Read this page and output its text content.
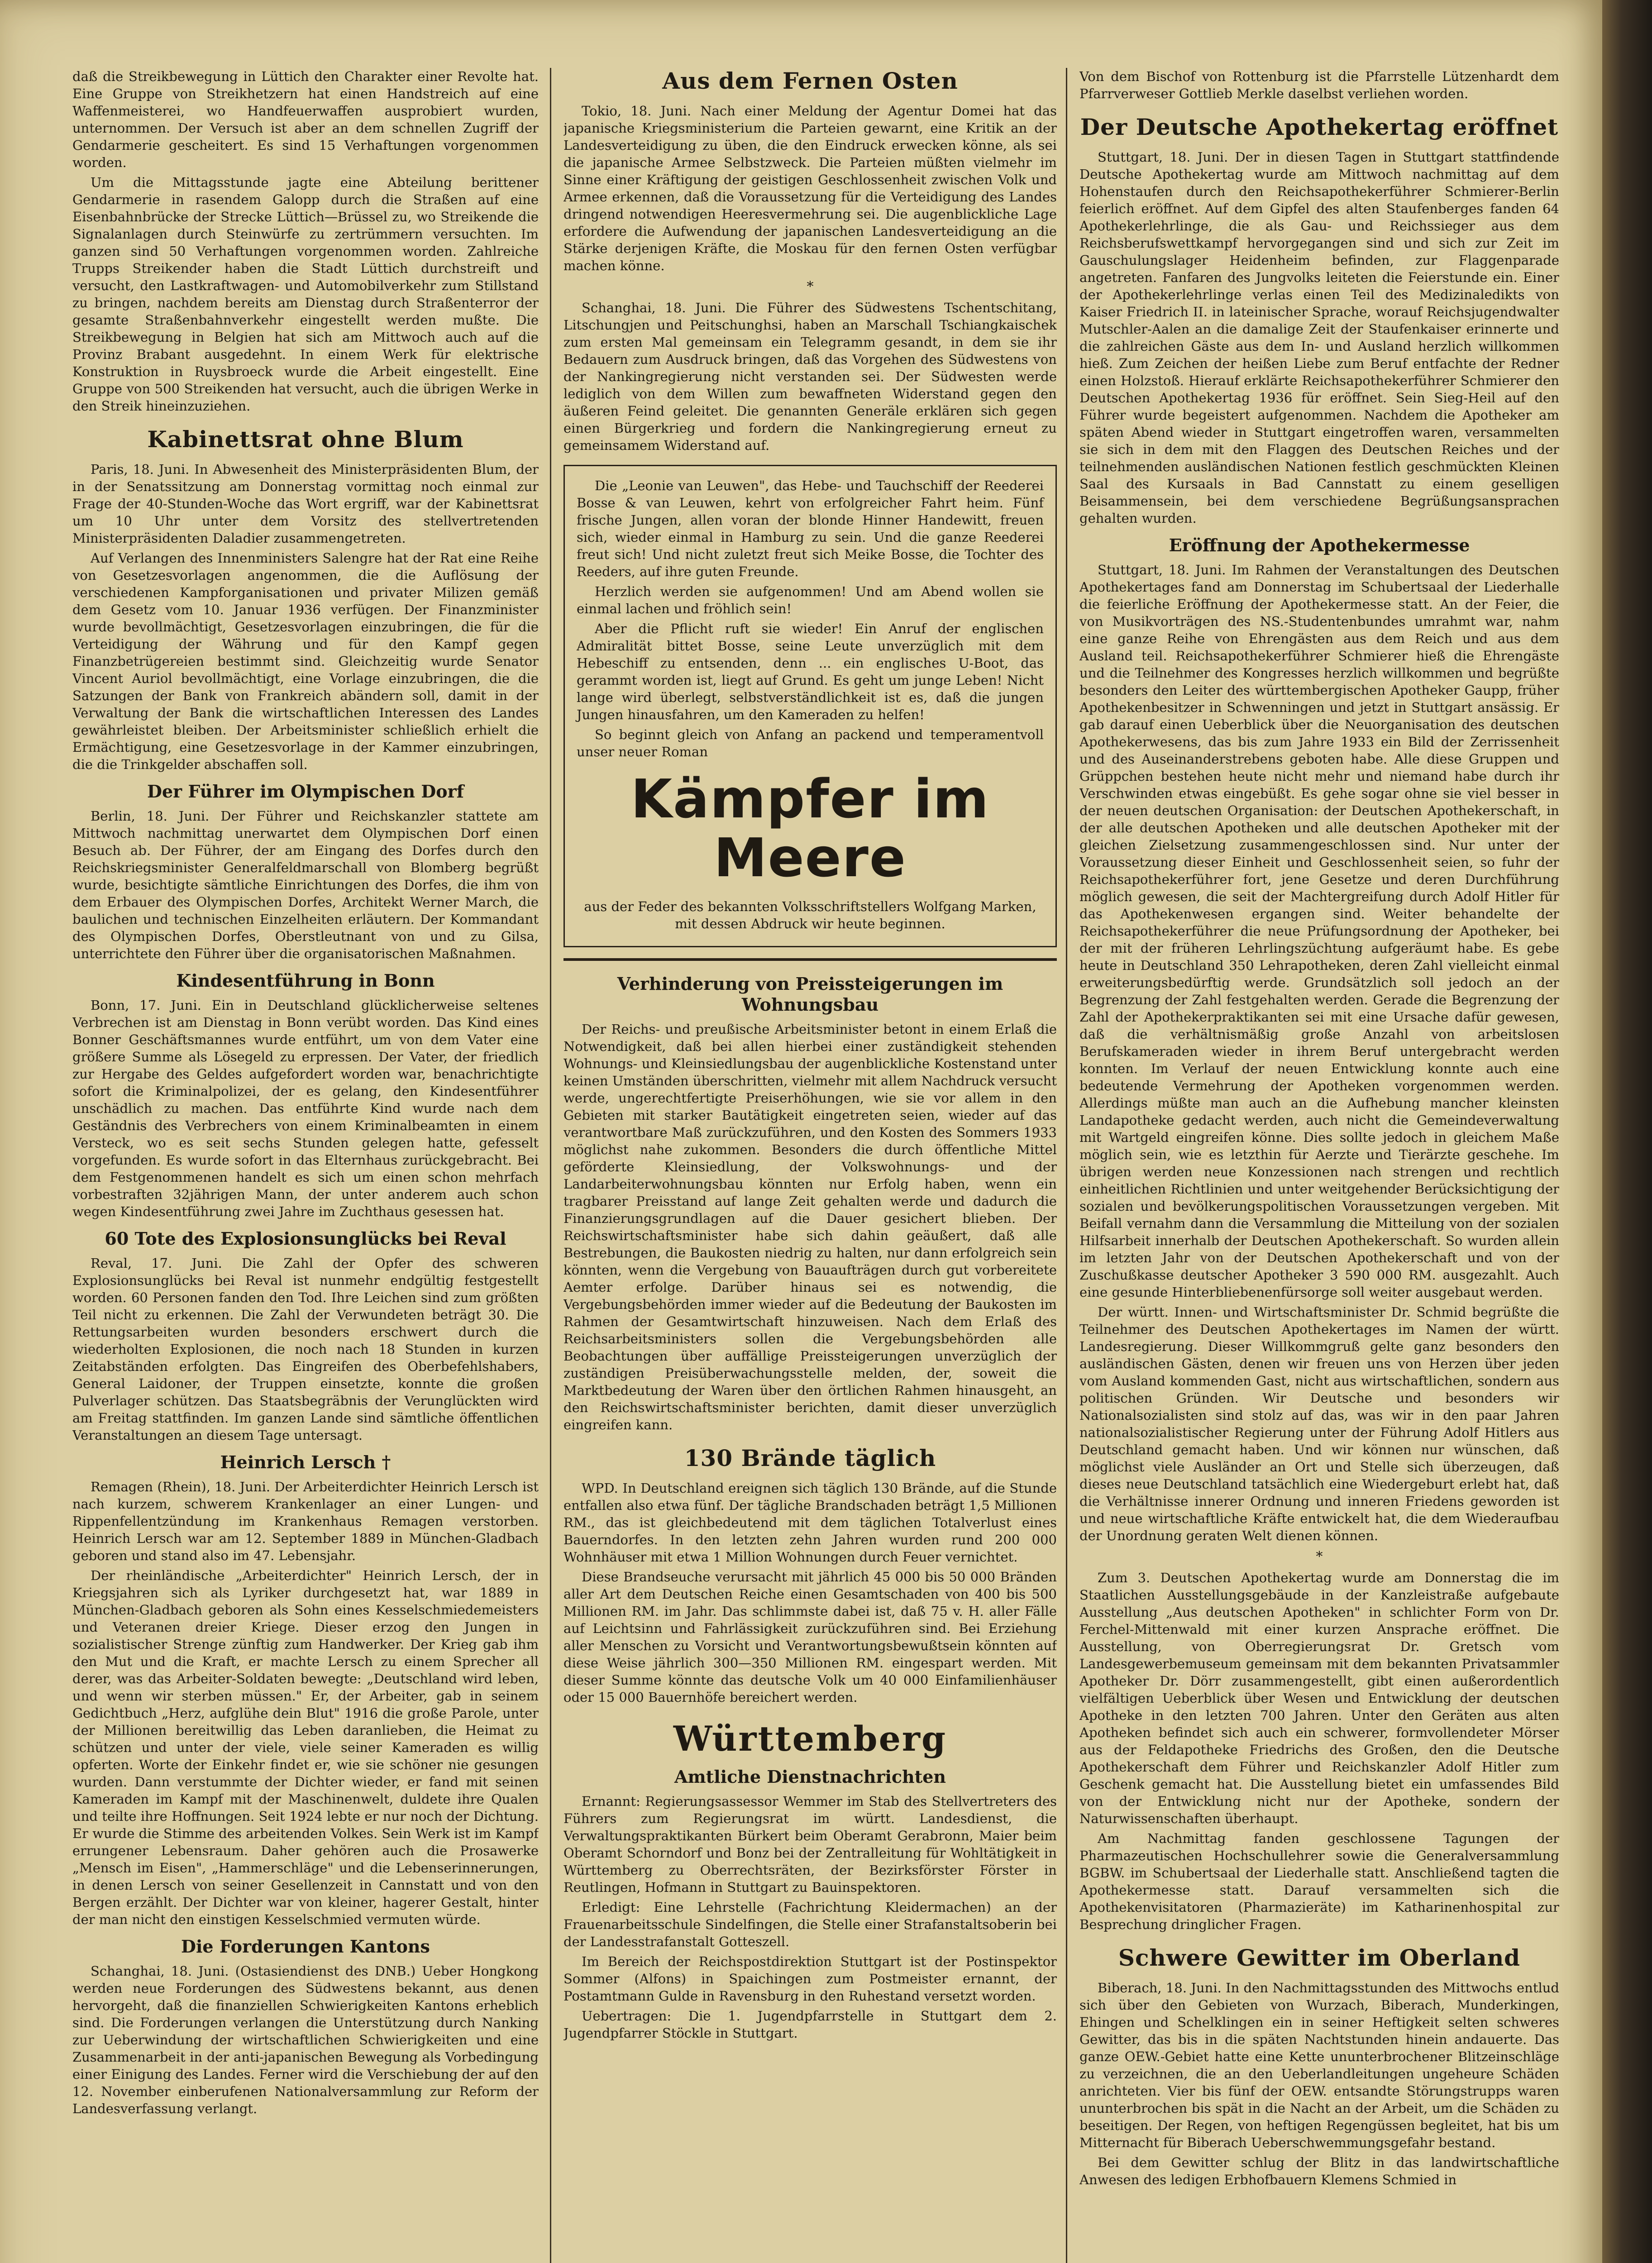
daß die Streikbewegung in Lüttich den Charakter einer Revolte hat. Eine Gruppe von Streikhetzern hat einen Handstreich auf eine Waffenmeisterei, wo Handfeuerwaffen ausprobiert wurden, unternommen. Der Versuch ist aber an dem schnellen Zugriff der Gendarmerie gescheitert. Es sind 15 Verhaftungen vorgenommen worden.

Um die Mittagsstunde jagte eine Abteilung berittener Gendarmerie in rasendem Galopp durch die Straßen auf eine Eisenbahnbrücke der Strecke Lüttich—Brüssel zu, wo Streikende die Signalanlagen durch Steinwürfe zu zertrümmern versuchten. Im ganzen sind 50 Verhaftungen vorgenommen worden. Zahlreiche Trupps Streikender haben die Stadt Lüttich durchstreift und versucht, den Lastkraftwagen- und Automobilverkehr zum Stillstand zu bringen, nachdem bereits am Dienstag durch Straßenterror der gesamte Straßenbahnverkehr eingestellt werden mußte. Die Streikbewegung in Belgien hat sich am Mittwoch auch auf die Provinz Brabant ausgedehnt. In einem Werk für elektrische Konstruktion in Ruysbroeck wurde die Arbeit eingestellt. Eine Gruppe von 500 Streikenden hat versucht, auch die übrigen Werke in den Streik hineinzuziehen.

Kabinettsrat ohne Blum

Paris, 18. Juni. In Abwesenheit des Ministerpräsidenten Blum, der in der Senatssitzung am Donnerstag vormittag noch einmal zur Frage der 40-Stunden-Woche das Wort ergriff, war der Kabinettsrat um 10 Uhr unter dem Vorsitz des stellvertretenden Ministerpräsidenten Daladier zusammengetreten.

Auf Verlangen des Innenministers Salengre hat der Rat eine Reihe von Gesetzesvorlagen angenommen, die die Auflösung der verschiedenen Kampforganisationen und privater Milizen gemäß dem Gesetz vom 10. Januar 1936 verfügen. Der Finanzminister wurde bevollmächtigt, Gesetzesvorlagen einzubringen, die für die Verteidigung der Währung und für den Kampf gegen Finanzbetrügereien bestimmt sind. Gleichzeitig wurde Senator Vincent Auriol bevollmächtigt, eine Vorlage einzubringen, die die Satzungen der Bank von Frankreich abändern soll, damit in der Verwaltung der Bank die wirtschaftlichen Interessen des Landes gewährleistet bleiben. Der Arbeitsminister schließlich erhielt die Ermächtigung, eine Gesetzesvorlage in der Kammer einzubringen, die die Trinkgelder abschaffen soll.

Der Führer im Olympischen Dorf

Berlin, 18. Juni. Der Führer und Reichskanzler stattete am Mittwoch nachmittag unerwartet dem Olympischen Dorf einen Besuch ab. Der Führer, der am Eingang des Dorfes durch den Reichskriegsminister Generalfeldmarschall von Blomberg begrüßt wurde, besichtigte sämtliche Einrichtungen des Dorfes, die ihm von dem Erbauer des Olympischen Dorfes, Architekt Werner March, die baulichen und technischen Einzelheiten erläutern. Der Kommandant des Olympischen Dorfes, Oberstleutnant von und zu Gilsa, unterrichtete den Führer über die organisatorischen Maßnahmen.

Kindesentführung in Bonn

Bonn, 17. Juni. Ein in Deutschland glücklicherweise seltenes Verbrechen ist am Dienstag in Bonn verübt worden. Das Kind eines Bonner Geschäftsmannes wurde entführt, um von dem Vater eine größere Summe als Lösegeld zu erpressen. Der Vater, der friedlich zur Hergabe des Geldes aufgefordert worden war, benachrichtigte sofort die Kriminalpolizei, der es gelang, den Kindesentführer unschädlich zu machen. Das entführte Kind wurde nach dem Geständnis des Verbrechers von einem Kriminalbeamten in einem Versteck, wo es seit sechs Stunden gelegen hatte, gefesselt vorgefunden. Es wurde sofort in das Elternhaus zurückgebracht. Bei dem Festgenommenen handelt es sich um einen schon mehrfach vorbestraften 32jährigen Mann, der unter anderem auch schon wegen Kindesentführung zwei Jahre im Zuchthaus gesessen hat.

60 Tote des Explosionsunglücks bei Reval

Reval, 17. Juni. Die Zahl der Opfer des schweren Explosionsunglücks bei Reval ist nunmehr endgültig festgestellt worden. 60 Personen fanden den Tod. Ihre Leichen sind zum größten Teil nicht zu erkennen. Die Zahl der Verwundeten beträgt 30. Die Rettungsarbeiten wurden besonders erschwert durch die wiederholten Explosionen, die noch nach 18 Stunden in kurzen Zeitabständen erfolgten. Das Eingreifen des Oberbefehlshabers, General Laidoner, der Truppen einsetzte, konnte die großen Pulverlager schützen. Das Staatsbegräbnis der Verunglückten wird am Freitag stattfinden. Im ganzen Lande sind sämtliche öffentlichen Veranstaltungen an diesem Tage untersagt.

Heinrich Lersch †

Remagen (Rhein), 18. Juni. Der Arbeiterdichter Heinrich Lersch ist nach kurzem, schwerem Krankenlager an einer Lungen- und Rippenfellentzündung im Krankenhaus Remagen verstorben. Heinrich Lersch war am 12. September 1889 in München-Gladbach geboren und stand also im 47. Lebensjahr.

Der rheinländische „Arbeiterdichter" Heinrich Lersch, der in Kriegsjahren sich als Lyriker durchgesetzt hat, war 1889 in München-Gladbach geboren als Sohn eines Kesselschmiedemeisters und Veteranen dreier Kriege. Dieser erzog den Jungen in sozialistischer Strenge zünftig zum Handwerker. Der Krieg gab ihm den Mut und die Kraft, er machte Lersch zu einem Sprecher all derer, was das Arbeiter-Soldaten bewegte: „Deutschland wird leben, und wenn wir sterben müssen." Er, der Arbeiter, gab in seinem Gedichtbuch „Herz, aufglühe dein Blut" 1916 die große Parole, unter der Millionen bereitwillig das Leben daranlieben, die Heimat zu schützen und unter der viele, viele seiner Kameraden es willig opferten. Worte der Einkehr findet er, wie sie schöner nie gesungen wurden. Dann verstummte der Dichter wieder, er fand mit seinen Kameraden im Kampf mit der Maschinenwelt, duldete ihre Qualen und teilte ihre Hoffnungen. Seit 1924 lebte er nur noch der Dichtung. Er wurde die Stimme des arbeitenden Volkes. Sein Werk ist im Kampf errungener Lebensraum. Daher gehören auch die Prosawerke „Mensch im Eisen", „Hammerschläge" und die Lebenserinnerungen, in denen Lersch von seiner Gesellenzeit in Cannstatt und von den Bergen erzählt. Der Dichter war von kleiner, hagerer Gestalt, hinter der man nicht den einstigen Kesselschmied vermuten würde.

Die Forderungen Kantons

Schanghai, 18. Juni. (Ostasiendienst des DNB.) Ueber Hongkong werden neue Forderungen des Südwestens bekannt, aus denen hervorgeht, daß die finanziellen Schwierigkeiten Kantons erheblich sind. Die Forderungen verlangen die Unterstützung durch Nanking zur Ueberwindung der wirtschaftlichen Schwierigkeiten und eine Zusammenarbeit in der anti-japanischen Bewegung als Vorbedingung einer Einigung des Landes. Ferner wird die Verschiebung der auf den 12. November einberufenen Nationalversammlung zur Reform der Landesverfassung verlangt.

Aus dem Fernen Osten

Tokio, 18. Juni. Nach einer Meldung der Agentur Domei hat das japanische Kriegsministerium die Parteien gewarnt, eine Kritik an der Landesverteidigung zu üben, die den Eindruck erwecken könne, als sei die japanische Armee Selbstzweck. Die Parteien müßten vielmehr im Sinne einer Kräftigung der geistigen Geschlossenheit zwischen Volk und Armee erkennen, daß die Voraussetzung für die Verteidigung des Landes dringend notwendigen Heeresvermehrung sei. Die augenblickliche Lage erfordere die Aufwendung der japanischen Landesverteidigung an die Stärke derjenigen Kräfte, die Moskau für den fernen Osten verfügbar machen könne.

*

Schanghai, 18. Juni. Die Führer des Südwestens Tschentschitang, Litschungjen und Peitschunghsi, haben an Marschall Tschiangkaischek zum ersten Mal gemeinsam ein Telegramm gesandt, in dem sie ihr Bedauern zum Ausdruck bringen, daß das Vorgehen des Südwestens von der Nankingregierung nicht verstanden sei. Der Südwesten werde lediglich von dem Willen zum bewaffneten Widerstand gegen den äußeren Feind geleitet. Die genannten Generäle erklären sich gegen einen Bürgerkrieg und fordern die Nankingregierung erneut zu gemeinsamem Widerstand auf.

Die „Leonie van Leuwen", das Hebe- und Tauchschiff der Reederei Bosse & van Leuwen, kehrt von erfolgreicher Fahrt heim. Fünf frische Jungen, allen voran der blonde Hinner Handewitt, freuen sich, wieder einmal in Hamburg zu sein. Und die ganze Reederei freut sich! Und nicht zuletzt freut sich Meike Bosse, die Tochter des Reeders, auf ihre guten Freunde.

Herzlich werden sie aufgenommen! Und am Abend wollen sie einmal lachen und fröhlich sein!

Aber die Pflicht ruft sie wieder! Ein Anruf der englischen Admiralität bittet Bosse, seine Leute unverzüglich mit dem Hebeschiff zu entsenden, denn ... ein englisches U-Boot, das gerammt worden ist, liegt auf Grund. Es geht um junge Leben! Nicht lange wird überlegt, selbstverständlichkeit ist es, daß die jungen Jungen hinausfahren, um den Kameraden zu helfen!

So beginnt gleich von Anfang an packend und temperamentvoll unser neuer Roman

Kämpfer im Meere

aus der Feder des bekannten Volksschriftstellers Wolfgang Marken, mit dessen Abdruck wir heute beginnen.

Verhinderung von Preissteigerungen im Wohnungsbau

Der Reichs- und preußische Arbeitsminister betont in einem Erlaß die Notwendigkeit, daß bei allen hierbei einer zuständigkeit stehenden Wohnungs- und Kleinsiedlungsbau der augenblickliche Kostenstand unter keinen Umständen überschritten, vielmehr mit allem Nachdruck versucht werde, ungerechtfertigte Preiserhöhungen, wie sie vor allem in den Gebieten mit starker Bautätigkeit eingetreten seien, wieder auf das verantwortbare Maß zurückzuführen, und den Kosten des Sommers 1933 möglichst nahe zukommen. Besonders die durch öffentliche Mittel geförderte Kleinsiedlung, der Volkswohnungs- und der Landarbeiterwohnungsbau könnten nur Erfolg haben, wenn ein tragbarer Preisstand auf lange Zeit gehalten werde und dadurch die Finanzierungsgrundlagen auf die Dauer gesichert blieben. Der Reichswirtschaftsminister habe sich dahin geäußert, daß alle Bestrebungen, die Baukosten niedrig zu halten, nur dann erfolgreich sein könnten, wenn die Vergebung von Bauaufträgen durch gut vorbereitete Aemter erfolge. Darüber hinaus sei es notwendig, die Vergebungsbehörden immer wieder auf die Bedeutung der Baukosten im Rahmen der Gesamtwirtschaft hinzuweisen. Nach dem Erlaß des Reichsarbeitsministers sollen die Vergebungsbehörden alle Beobachtungen über auffällige Preissteigerungen unverzüglich der zuständigen Preisüberwachungsstelle melden, der, soweit die Marktbedeutung der Waren über den örtlichen Rahmen hinausgeht, an den Reichswirtschaftsminister berichten, damit dieser unverzüglich eingreifen kann.

130 Brände täglich

WPD. In Deutschland ereignen sich täglich 130 Brände, auf die Stunde entfallen also etwa fünf. Der tägliche Brandschaden beträgt 1,5 Millionen RM., das ist gleichbedeutend mit dem täglichen Totalverlust eines Bauerndorfes. In den letzten zehn Jahren wurden rund 200 000 Wohnhäuser mit etwa 1 Million Wohnungen durch Feuer vernichtet.

Diese Brandseuche verursacht mit jährlich 45 000 bis 50 000 Bränden aller Art dem Deutschen Reiche einen Gesamtschaden von 400 bis 500 Millionen RM. im Jahr. Das schlimmste dabei ist, daß 75 v. H. aller Fälle auf Leichtsinn und Fahrlässigkeit zurückzuführen sind. Bei Erziehung aller Menschen zu Vorsicht und Verantwortungsbewußtsein könnten auf diese Weise jährlich 300—350 Millionen RM. eingespart werden. Mit dieser Summe könnte das deutsche Volk um 40 000 Einfamilienhäuser oder 15 000 Bauernhöfe bereichert werden.

Württemberg
Amtliche Dienstnachrichten

Ernannt: Regierungsassessor Wemmer im Stab des Stellvertreters des Führers zum Regierungsrat im württ. Landesdienst, die Verwaltungspraktikanten Bürkert beim Oberamt Gerabronn, Maier beim Oberamt Schorndorf und Bonz bei der Zentralleitung für Wohltätigkeit in Württemberg zu Oberrechtsräten, der Bezirksförster Förster in Reutlingen, Hofmann in Stuttgart zu Bauinspektoren.

Erledigt: Eine Lehrstelle (Fachrichtung Kleidermachen) an der Frauenarbeitsschule Sindelfingen, die Stelle einer Strafanstaltsoberin bei der Landesstrafanstalt Gotteszell.

Im Bereich der Reichspostdirektion Stuttgart ist der Postinspektor Sommer (Alfons) in Spaichingen zum Postmeister ernannt, der Postamtmann Gulde in Ravensburg in den Ruhestand versetzt worden.

Uebertragen: Die 1. Jugendpfarrstelle in Stuttgart dem 2. Jugendpfarrer Stöckle in Stuttgart.

Von dem Bischof von Rottenburg ist die Pfarrstelle Lützenhardt dem Pfarrverweser Gottlieb Merkle daselbst verliehen worden.

Der Deutsche Apothekertag eröffnet

Stuttgart, 18. Juni. Der in diesen Tagen in Stuttgart stattfindende Deutsche Apothekertag wurde am Mittwoch nachmittag auf dem Hohenstaufen durch den Reichsapothekerführer Schmierer-Berlin feierlich eröffnet. Auf dem Gipfel des alten Staufenberges fanden 64 Apothekerlehrlinge, die als Gau- und Reichssieger aus dem Reichsberufswettkampf hervorgegangen sind und sich zur Zeit im Gauschulungslager Heidenheim befinden, zur Flaggenparade angetreten. Fanfaren des Jungvolks leiteten die Feierstunde ein. Einer der Apothekerlehrlinge verlas einen Teil des Medizinaledikts von Kaiser Friedrich II. in lateinischer Sprache, worauf Reichsjugendwalter Mutschler-Aalen an die damalige Zeit der Staufenkaiser erinnerte und die zahlreichen Gäste aus dem In- und Ausland herzlich willkommen hieß. Zum Zeichen der heißen Liebe zum Beruf entfachte der Redner einen Holzstoß. Hierauf erklärte Reichsapothekerführer Schmierer den Deutschen Apothekertag 1936 für eröffnet. Sein Sieg-Heil auf den Führer wurde begeistert aufgenommen. Nachdem die Apotheker am späten Abend wieder in Stuttgart eingetroffen waren, versammelten sie sich in dem mit den Flaggen des Deutschen Reiches und der teilnehmenden ausländischen Nationen festlich geschmückten Kleinen Saal des Kursaals in Bad Cannstatt zu einem geselligen Beisammensein, bei dem verschiedene Begrüßungsansprachen gehalten wurden.

Eröffnung der Apothekermesse

Stuttgart, 18. Juni. Im Rahmen der Veranstaltungen des Deutschen Apothekertages fand am Donnerstag im Schubertsaal der Liederhalle die feierliche Eröffnung der Apothekermesse statt. An der Feier, die von Musikvorträgen des NS.-Studentenbundes umrahmt war, nahm eine ganze Reihe von Ehrengästen aus dem Reich und aus dem Ausland teil. Reichsapothekerführer Schmierer hieß die Ehrengäste und die Teilnehmer des Kongresses herzlich willkommen und begrüßte besonders den Leiter des württembergischen Apotheker Gaupp, früher Apothekenbesitzer in Schwenningen und jetzt in Stuttgart ansässig. Er gab darauf einen Ueberblick über die Neuorganisation des deutschen Apothekerwesens, das bis zum Jahre 1933 ein Bild der Zerrissenheit und des Auseinanderstrebens geboten habe. Alle diese Gruppen und Grüppchen bestehen heute nicht mehr und niemand habe durch ihr Verschwinden etwas eingebüßt. Es gehe sogar ohne sie viel besser in der neuen deutschen Organisation: der Deutschen Apothekerschaft, in der alle deutschen Apotheken und alle deutschen Apotheker mit der gleichen Zielsetzung zusammengeschlossen sind. Nur unter der Voraussetzung dieser Einheit und Geschlossenheit seien, so fuhr der Reichsapothekerführer fort, jene Gesetze und deren Durchführung möglich gewesen, die seit der Machtergreifung durch Adolf Hitler für das Apothekenwesen ergangen sind. Weiter behandelte der Reichsapothekerführer die neue Prüfungsordnung der Apotheker, bei der mit der früheren Lehrlingszüchtung aufgeräumt habe. Es gebe heute in Deutschland 350 Lehrapotheken, deren Zahl vielleicht einmal erweiterungsbedürftig werde. Grundsätzlich soll jedoch an der Begrenzung der Zahl festgehalten werden. Gerade die Begrenzung der Zahl der Apothekerpraktikanten sei mit eine Ursache dafür gewesen, daß die verhältnismäßig große Anzahl von arbeitslosen Berufskameraden wieder in ihrem Beruf untergebracht werden konnten. Im Verlauf der neuen Entwicklung konnte auch eine bedeutende Vermehrung der Apotheken vorgenommen werden. Allerdings müßte man auch an die Aufhebung mancher kleinsten Landapotheke gedacht werden, auch nicht die Gemeindeverwaltung mit Wartgeld eingreifen könne. Dies sollte jedoch in gleichem Maße möglich sein, wie es letzthin für Aerzte und Tierärzte geschehe. Im übrigen werden neue Konzessionen nach strengen und rechtlich einheitlichen Richtlinien und unter weitgehender Berücksichtigung der sozialen und bevölkerungspolitischen Voraussetzungen vergeben. Mit Beifall vernahm dann die Versammlung die Mitteilung von der sozialen Hilfsarbeit innerhalb der Deutschen Apothekerschaft. So wurden allein im letzten Jahr von der Deutschen Apothekerschaft und von der Zuschußkasse deutscher Apotheker 3 590 000 RM. ausgezahlt. Auch eine gesunde Hinterbliebenenfürsorge soll weiter ausgebaut werden.

Der württ. Innen- und Wirtschaftsminister Dr. Schmid begrüßte die Teilnehmer des Deutschen Apothekertages im Namen der württ. Landesregierung. Dieser Willkommgruß gelte ganz besonders den ausländischen Gästen, denen wir freuen uns von Herzen über jeden vom Ausland kommenden Gast, nicht aus wirtschaftlichen, sondern aus politischen Gründen. Wir Deutsche und besonders wir Nationalsozialisten sind stolz auf das, was wir in den paar Jahren nationalsozialistischer Regierung unter der Führung Adolf Hitlers aus Deutschland gemacht haben. Und wir können nur wünschen, daß möglichst viele Ausländer an Ort und Stelle sich überzeugen, daß dieses neue Deutschland tatsächlich eine Wiedergeburt erlebt hat, daß die Verhältnisse innerer Ordnung und inneren Friedens geworden ist und neue wirtschaftliche Kräfte entwickelt hat, die dem Wiederaufbau der Unordnung geraten Welt dienen können.

*

Zum 3. Deutschen Apothekertag wurde am Donnerstag die im Staatlichen Ausstellungsgebäude in der Kanzleistraße aufgebaute Ausstellung „Aus deutschen Apotheken" in schlichter Form von Dr. Ferchel-Mittenwald mit einer kurzen Ansprache eröffnet. Die Ausstellung, von Oberregierungsrat Dr. Gretsch vom Landesgewerbemuseum gemeinsam mit dem bekannten Privatsammler Apotheker Dr. Dörr zusammengestellt, gibt einen außerordentlich vielfältigen Ueberblick über Wesen und Entwicklung der deutschen Apotheke in den letzten 700 Jahren. Unter den Geräten aus alten Apotheken befindet sich auch ein schwerer, formvollendeter Mörser aus der Feldapotheke Friedrichs des Großen, den die Deutsche Apothekerschaft dem Führer und Reichskanzler Adolf Hitler zum Geschenk gemacht hat. Die Ausstellung bietet ein umfassendes Bild von der Entwicklung nicht nur der Apotheke, sondern der Naturwissenschaften überhaupt.

Am Nachmittag fanden geschlossene Tagungen der Pharmazeutischen Hochschullehrer sowie die Generalversammlung BGBW. im Schubertsaal der Liederhalle statt. Anschließend tagten die Apothekermesse statt. Darauf versammelten sich die Apothekenvisitatoren (Pharmazieräte) im Katharinenhospital zur Besprechung dringlicher Fragen.

Schwere Gewitter im Oberland

Biberach, 18. Juni. In den Nachmittagsstunden des Mittwochs entlud sich über den Gebieten von Wurzach, Biberach, Munderkingen, Ehingen und Schelklingen ein in seiner Heftigkeit selten schweres Gewitter, das bis in die späten Nachtstunden hinein andauerte. Das ganze OEW.-Gebiet hatte eine Kette ununterbrochener Blitzeinschläge zu verzeichnen, die an den Ueberlandleitungen ungeheure Schäden anrichteten. Vier bis fünf der OEW. entsandte Störungstrupps waren ununterbrochen bis spät in die Nacht an der Arbeit, um die Schäden zu beseitigen. Der Regen, von heftigen Regengüssen begleitet, hat bis um Mitternacht für Biberach Ueberschwemmungsgefahr bestand.

Bei dem Gewitter schlug der Blitz in das landwirtschaftliche Anwesen des ledigen Erbhofbauern Klemens Schmied in
